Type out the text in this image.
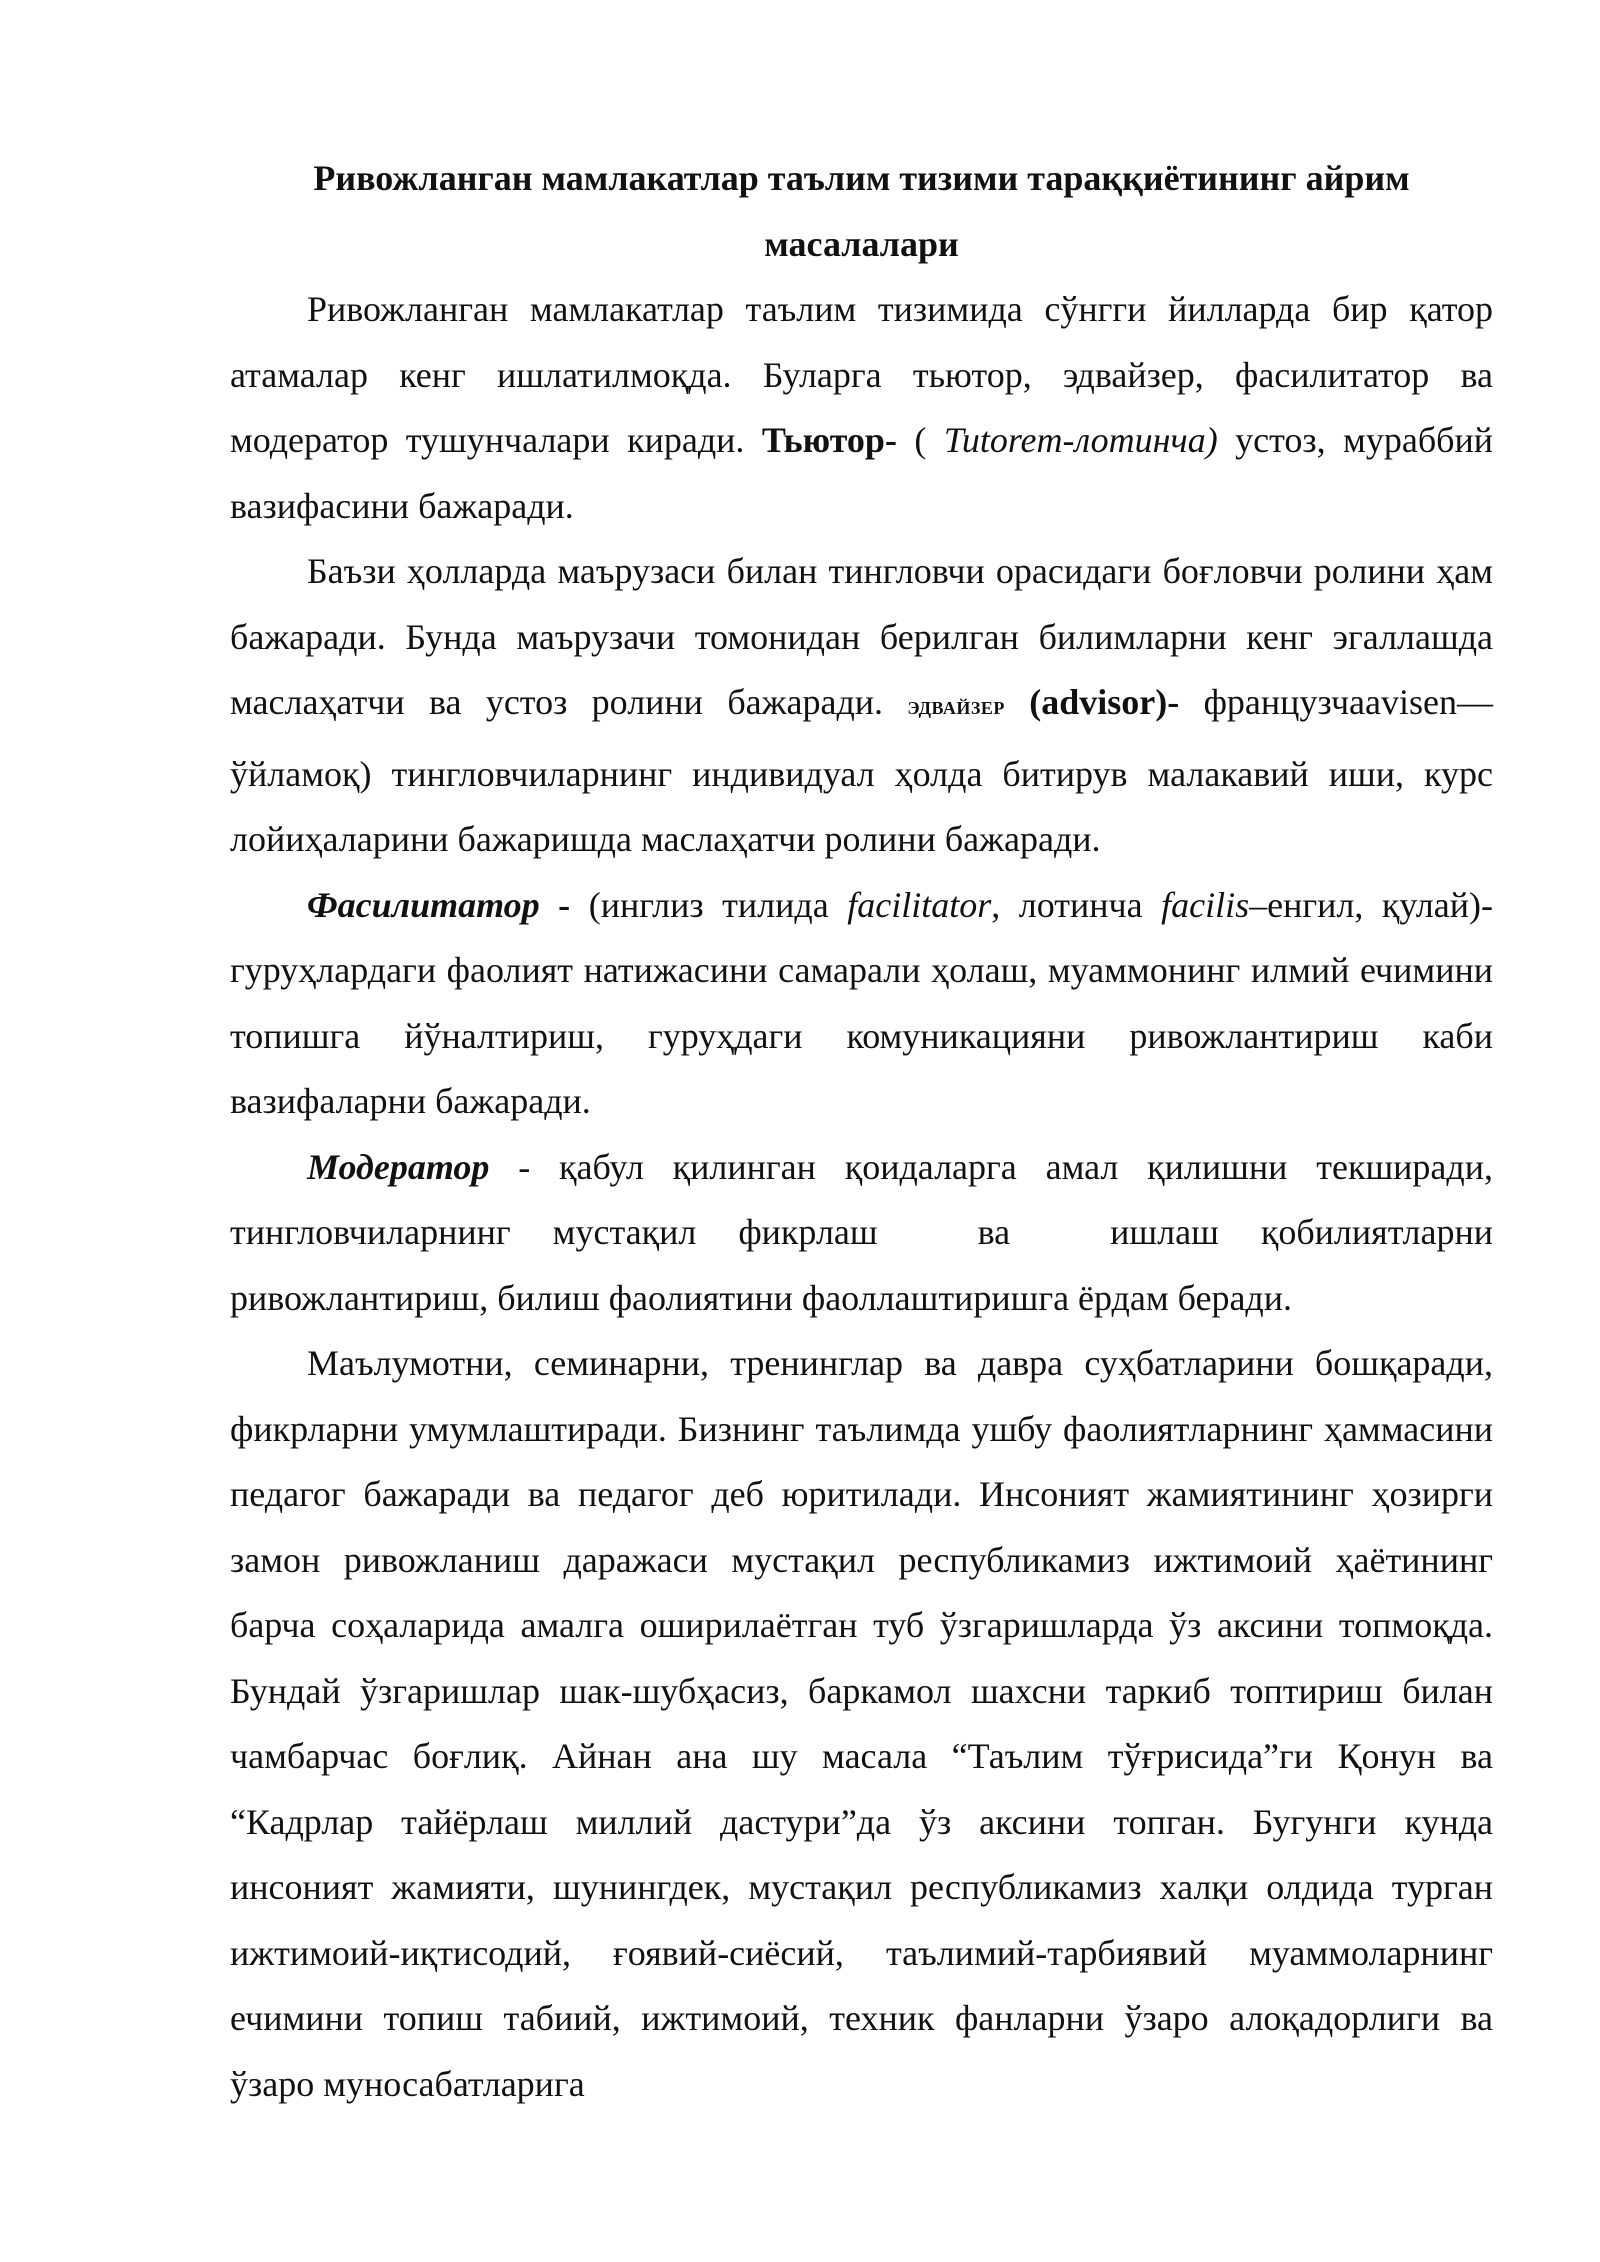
Ривожланган мамлакатлар таълим тизими тараққиётининг айрим
масалалари

Ривожланган мамлакатлар таълим тизимида сўнгги йилларда бир қатор атамалар кенг ишлатилмоқда. Буларга тьютор, эдвайзер, фасилитатор ва модератор тушунчалари киради. Тьютор- ( Tutorem-лотинча) устоз, мураббий вазифасини бажаради.

Баъзи ҳолларда маърузаси билан тингловчи орасидаги боғловчи ролини ҳам бажаради. Бунда маърузачи томонидан берилган билимларни кенг эгаллашда маслаҳатчи ва устоз ролини бажаради. ЭДВАЙЗЕР (advisor)- французчаavisen—ўйламоқ) тингловчиларнинг индивидуал ҳолда битирув малакавий иши, курс лойиҳаларини бажаришда маслаҳатчи ролини бажаради.

Фасилитатор - (инглиз тилида facilitator, лотинча facilis–енгил, қулай)- гуруҳлардаги фаолият натижасини самарали ҳолаш, муаммонинг илмий ечимини топишга йўналтириш, гуруҳдаги комуникацияни ривожлантириш каби вазифаларни бажаради.

Модератор - қабул қилинган қоидаларга амал қилишни текширади, тингловчиларнинг мустақил фикрлаш ва ишлаш қобилиятларни ривожлантириш, билиш фаолиятини фаоллаштиришга ёрдам беради.

Маълумотни, семинарни, тренинглар ва давра суҳбатларини бошқаради, фикрларни умумлаштиради. Бизнинг таълимда ушбу фаолиятларнинг ҳаммасини педагог бажаради ва педагог деб юритилади. Инсоният жамиятининг ҳозирги замон ривожланиш даражаси мустақил республикамиз ижтимоий ҳаётининг барча соҳаларида амалга оширилаётган туб ўзгаришларда ўз аксини топмоқда. Бундай ўзгаришлар шак-шубҳасиз, баркамол шахсни таркиб топтириш билан чамбарчас боғлиқ. Айнан ана шу масала “Таълим тўғрисида”ги Қонун ва “Кадрлар тайёрлаш миллий дастури”да ўз аксини топган. Бугунги кунда инсоният жамияти, шунингдек, мустақил республикамиз халқи олдида турган ижтимоий-иқтисодий, ғоявий-сиёсий, таълимий-тарбиявий муаммоларнинг ечимини топиш табиий, ижтимоий, техник фанларни ўзаро алоқадорлиги ва ўзаро муносабатларига
